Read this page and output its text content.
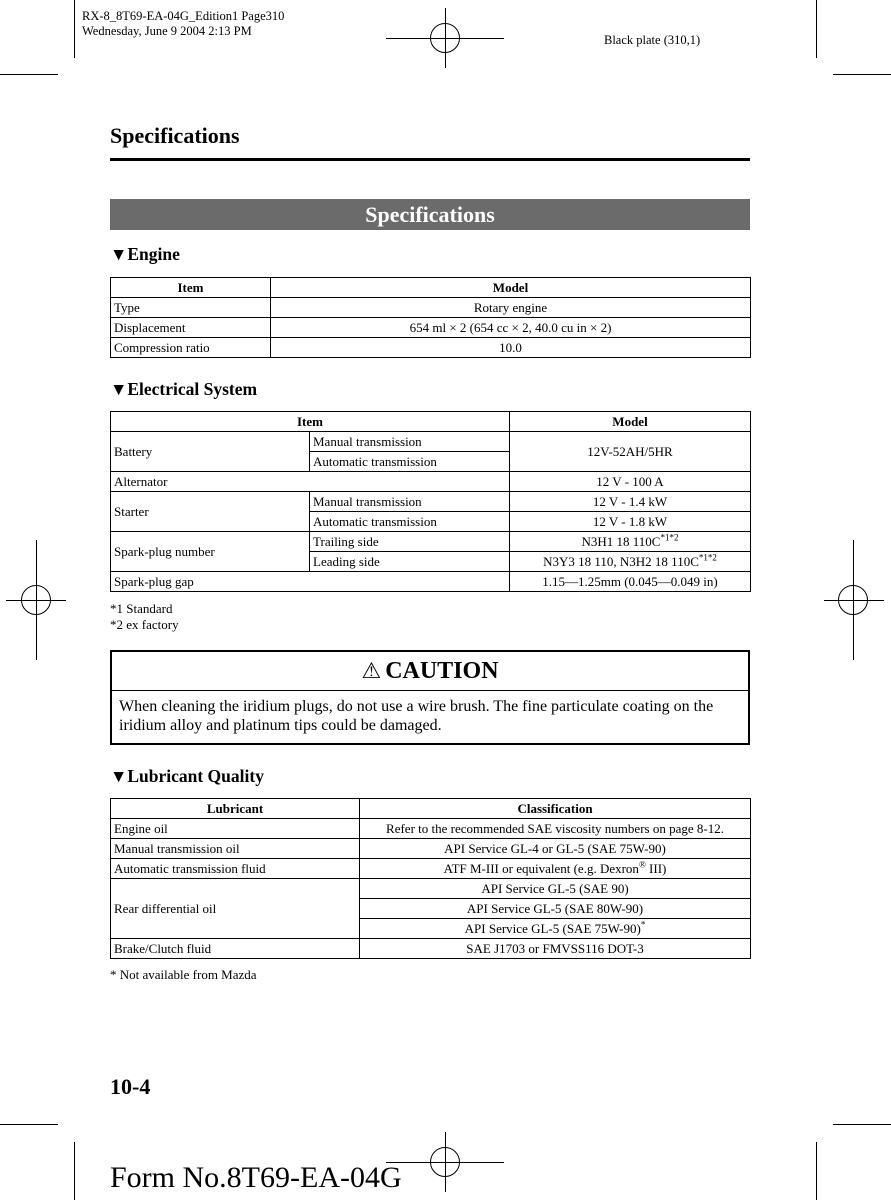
RX-8_8T69-EA-04G_Edition1 Page310
Wednesday, June 9 2004 2:13 PM
Black plate (310,1)
Specifications
Specifications
▼Engine
Item	Model
Type	Rotary engine
Displacement	654 ml × 2 (654 cc × 2, 40.0 cu in × 2)
Compression ratio	10.0
▼Electrical System
Item		Model
Battery	Manual transmission	12V-52AH/5HR
	Automatic transmission	
Alternator		12 V - 100 A
Starter	Manual transmission	12 V - 1.4 kW
	Automatic transmission	12 V - 1.8 kW
Spark-plug number	Trailing side	N3H1 18 $110C^{*1*2}$
	Leading side	N3Y3 18 110, N3H2 18 $110C^{*1*2}$
Spark-plug gap		1.15—1.25mm (0.045—0.049 in)
*1 Standard
*2 ex factory
⚠ CAUTION
When cleaning the iridium plugs, do not use a wire brush. The fine particulate coating on the iridium alloy and platinum tips could be damaged.
▼Lubricant Quality
Lubricant	Classification
Engine oil	Refer to the recommended SAE viscosity numbers on page 8-12.
Manual transmission oil	API Service GL-4 or GL-5 (SAE 75W-90)
Automatic transmission fluid	ATF M-III or equivalent (e.g. Dexron® III)
Rear differential oil	API Service GL-5 (SAE 90)
	API Service GL-5 (SAE 80W-90)
	API Service GL-5 (SAE 75W-90)*
Brake/Clutch fluid	SAE J1703 or FMVSS116 DOT-3
* Not available from Mazda
10-4
Form No.8T69-EA-04G
